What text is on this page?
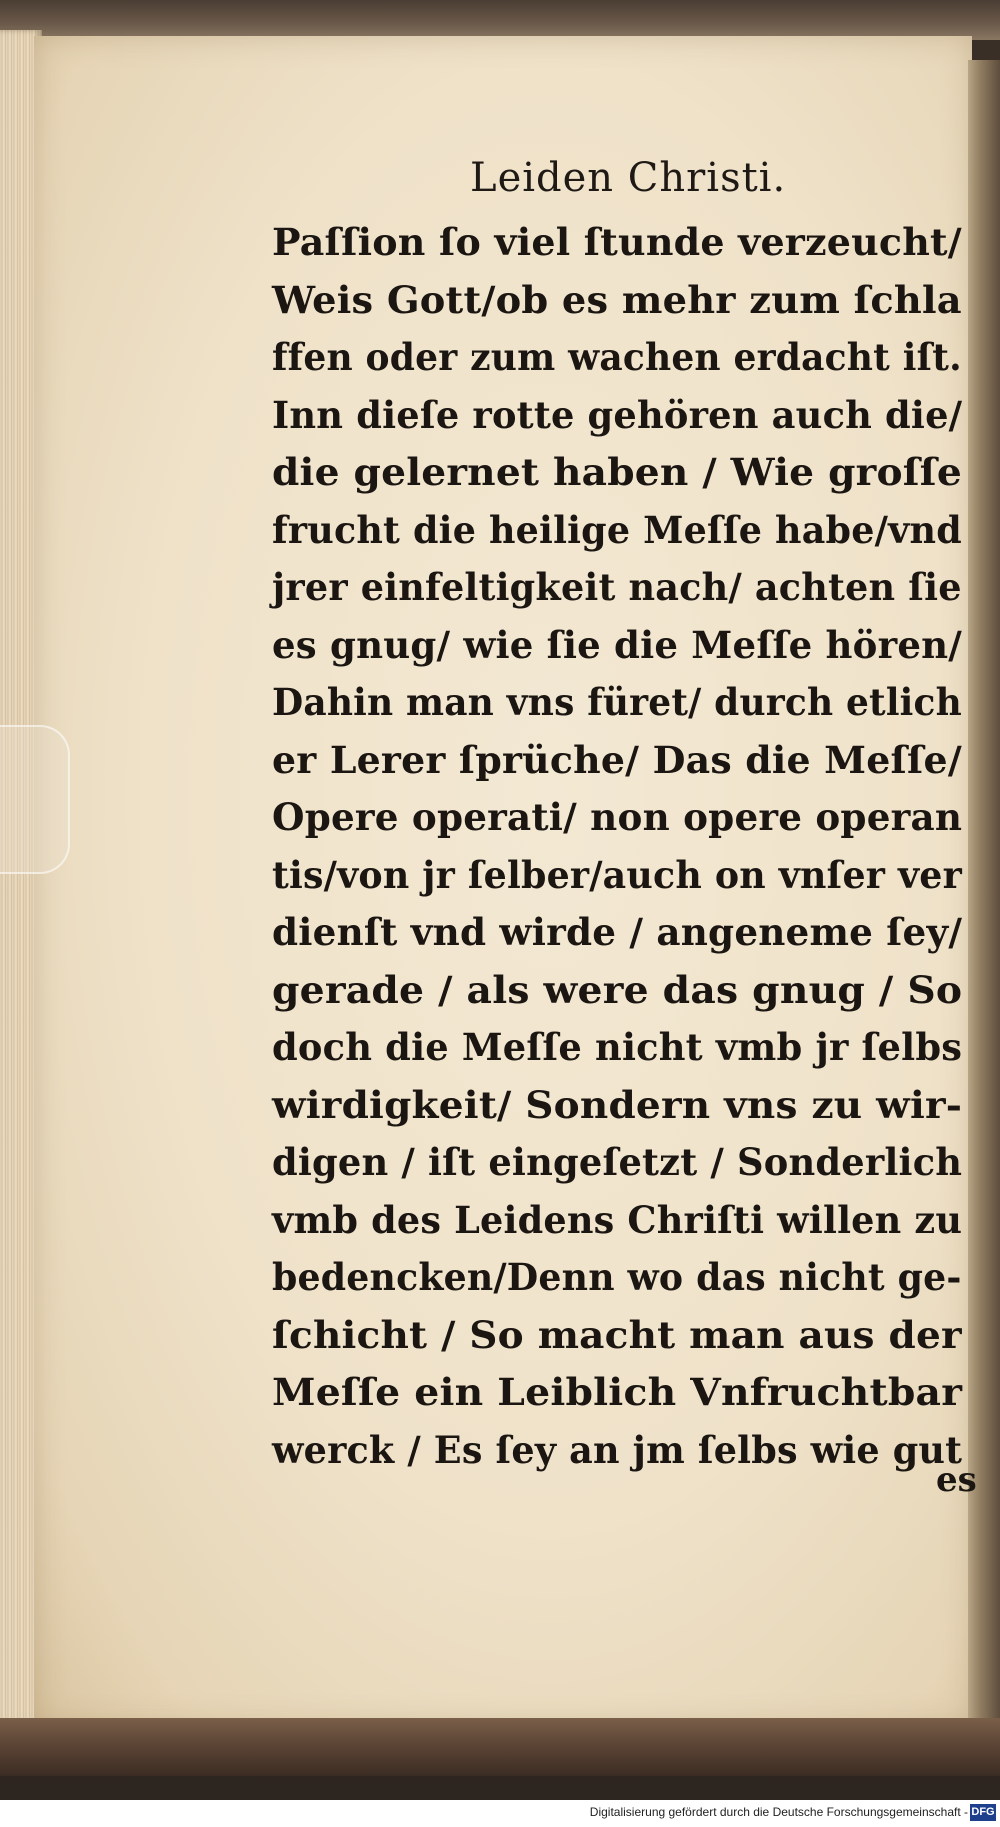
Leiden Christi.
Paſſion ſo viel ſtunde verzeucht/
Weis Gott/ob es mehr zum ſchla
ffen oder zum wachen erdacht iſt.
Inn dieſe rotte gehören auch die/
die gelernet haben / Wie groſſe
frucht die heilige Meſſe habe/vnd
jrer einfeltigkeit nach/ achten ſie
es gnug/ wie ſie die Meſſe hören/
Dahin man vns füret/ durch etlich
er Lerer ſprüche/ Das die Meſſe/
Opere operati/ non opere operan
tis/von jr ſelber/auch on vnſer ver
dienſt vnd wirde / angeneme ſey/
gerade / als were das gnug / So
doch die Meſſe nicht vmb jr ſelbs
wirdigkeit/ Sondern vns zu wir-
digen / iſt eingeſetzt / Sonderlich
vmb des Leidens Chriſti willen zu
bedencken/Denn wo das nicht ge-
ſchicht / So macht man aus der
Meſſe ein Leiblich Vnfruchtbar
werck / Es ſey an jm ſelbs wie gut
es
Digitalisierung gefördert durch die Deutsche Forschungsgemeinschaft - DFG
